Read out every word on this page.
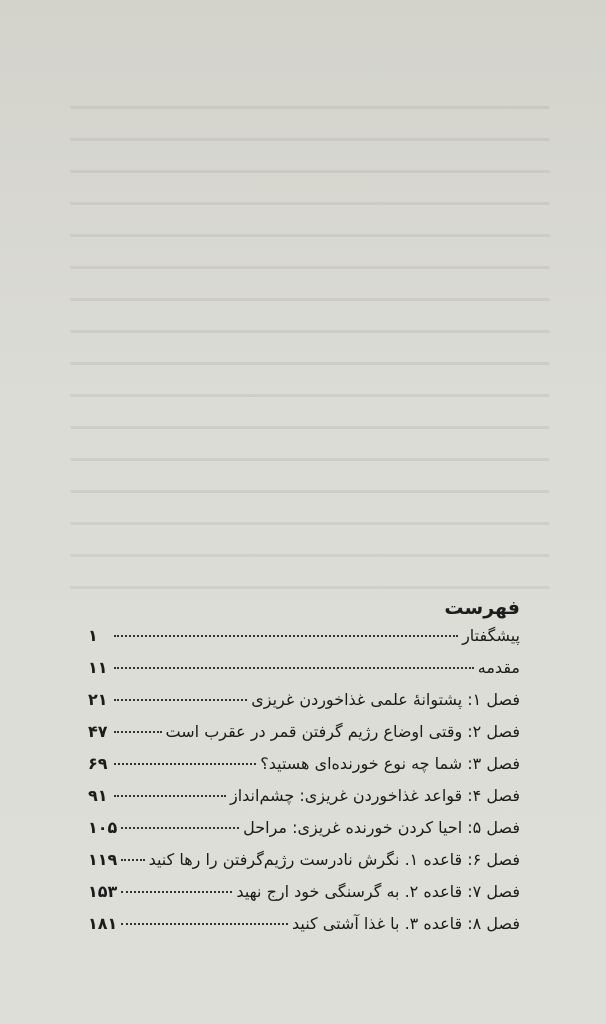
فهرست
پیشگفتار
۱
مقدمه
۱۱
فصل ۱: پشتوانهٔ علمی غذاخوردن غریزی
۲۱
فصل ۲: وقتی اوضاع رژیم گرفتن قمر در عقرب است
۴۷
فصل ۳: شما چه نوع خورنده‌ای هستید؟
۶۹
فصل ۴: قواعد غذاخوردن غریزی: چشم‌انداز
۹۱
فصل ۵: احیا کردن خورنده غریزی: مراحل
۱۰۵
فصل ۶: قاعده ۱. نگرش نادرست رژیم‌گرفتن را رها کنید
۱۱۹
فصل ۷: قاعده ۲. به گرسنگی خود ارج نهید
۱۵۳
فصل ۸: قاعده ۳. با غذا آشتی کنید
۱۸۱
